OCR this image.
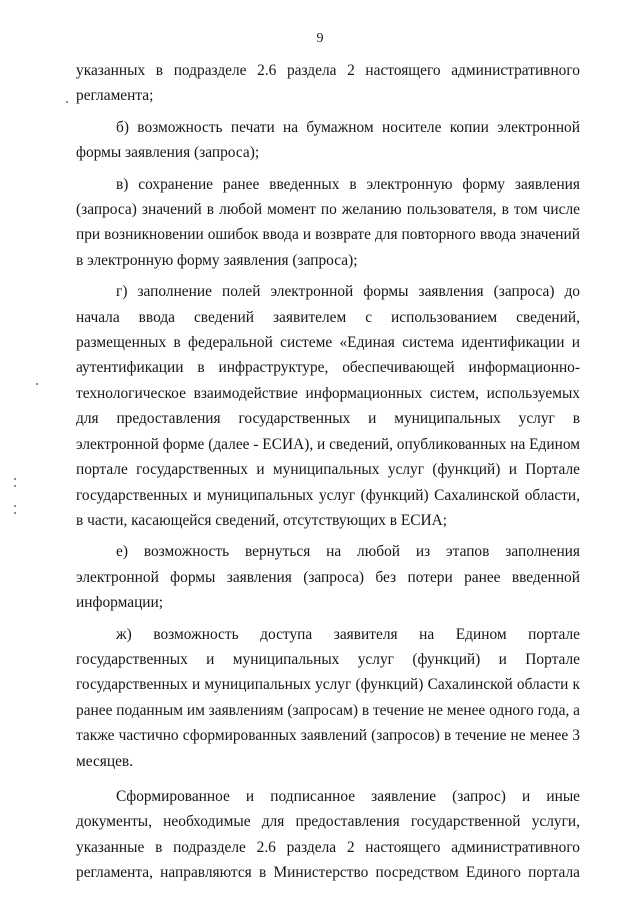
9

указанных в подразделе 2.6 раздела 2 настоящего административного регламента;

б) возможность печати на бумажном носителе копии электронной формы заявления (запроса);

в) сохранение ранее введенных в электронную форму заявления (запроса) значений в любой момент по желанию пользователя, в том числе при возникновении ошибок ввода и возврате для повторного ввода значений в электронную форму заявления (запроса);

г) заполнение полей электронной формы заявления (запроса) до начала ввода сведений заявителем с использованием сведений, размещенных в федеральной системе «Единая система идентификации и аутентификации в инфраструктуре, обеспечивающей информационно-технологическое взаимодействие информационных систем, используемых для предоставления государственных и муниципальных услуг в электронной форме (далее - ЕСИА), и сведений, опубликованных на Едином портале государственных и муниципальных услуг (функций) и Портале государственных и муниципальных услуг (функций) Сахалинской области, в части, касающейся сведений, отсутствующих в ЕСИА;

е) возможность вернуться на любой из этапов заполнения электронной формы заявления (запроса) без потери ранее введенной информации;

ж) возможность доступа заявителя на Едином портале государственных и муниципальных услуг (функций) и Портале государственных и муниципальных услуг (функций) Сахалинской области к ранее поданным им заявлениям (запросам) в течение не менее одного года, а также частично сформированных заявлений (запросов) в течение не менее 3 месяцев.

Сформированное и подписанное заявление (запрос) и иные документы, необходимые для предоставления государственной услуги, указанные в подразделе 2.6 раздела 2 настоящего административного регламента, направляются в Министерство посредством Единого портала
